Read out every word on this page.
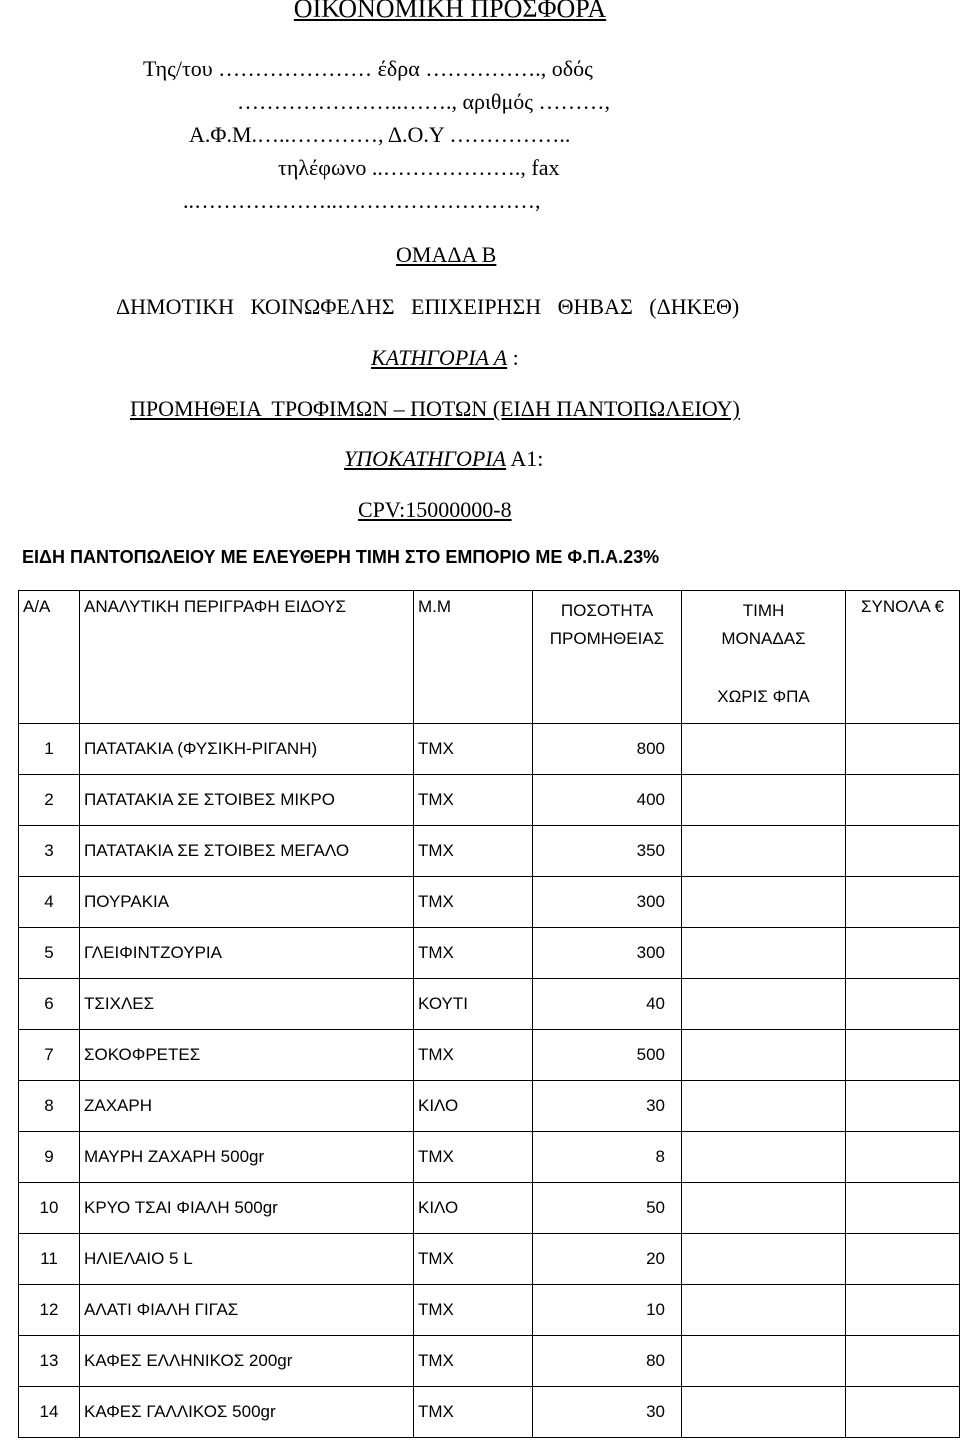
ΟΙΚΟΝΟΜΙΚΗ ΠΡΟΣΦΟΡΑ
Της/του ………………… έδρα ……………., οδός
…………………..……., αριθμός ………,
Α.Φ.Μ.…..…………, Δ.Ο.Υ ……………..
τηλέφωνο ..………………., fax
..………………..………………………,
ΟΜΑΔΑ Β
ΔΗΜΟΤΙΚΗ   ΚΟΙΝΩΦΕΛΗΣ   ΕΠΙΧΕΙΡΗΣΗ   ΘΗΒΑΣ   (ΔΗΚΕΘ)
ΚΑΤΗΓΟΡΙΑ Α :
ΠΡΟΜΗΘΕΙΑ  ΤΡΟΦΙΜΩΝ – ΠΟΤΩΝ (ΕΙΔΗ ΠΑΝΤΟΠΩΛΕΙΟΥ)
ΥΠΟΚΑΤΗΓΟΡΙΑ Α1:
CPV:15000000-8
ΕΙΔΗ ΠΑΝΤΟΠΩΛΕΙΟΥ ΜΕ ΕΛΕΥΘΕΡΗ ΤΙΜΗ ΣΤΟ ΕΜΠΟΡΙΟ ΜΕ Φ.Π.Α.23%
Α/Α	ΑΝΑΛΥΤΙΚΗ ΠΕΡΙΓΡΑΦΗ ΕΙΔΟΥΣ	Μ.Μ	ΠΟΣΟΤΗΤΑ
ΠΡΟΜΗΘΕΙΑΣ	ΤΙΜΗ
ΜΟΝΑΔΑΣ
ΧΩΡΙΣ ΦΠΑ	ΣΥΝΟΛΑ €

1	ΠΑΤΑΤΑΚΙΑ (ΦΥΣΙΚΗ-ΡΙΓΑΝΗ)	ΤΜΧ	800		
2	ΠΑΤΑΤΑΚΙΑ ΣΕ ΣΤΟΙΒΕΣ ΜΙΚΡΟ	ΤΜΧ	400		
3	ΠΑΤΑΤΑΚΙΑ ΣΕ ΣΤΟΙΒΕΣ ΜΕΓΑΛΟ	ΤΜΧ	350		
4	ΠΟΥΡΑΚΙΑ	ΤΜΧ	300		
5	ΓΛΕΙΦΙΝΤΖΟΥΡΙΑ	ΤΜΧ	300		
6	ΤΣΙΧΛΕΣ	ΚΟΥΤΙ	40		
7	ΣΟΚΟΦΡΕΤΕΣ	ΤΜΧ	500		
8	ΖΑΧΑΡΗ	ΚΙΛΟ	30		
9	ΜΑΥΡΗ ΖΑΧΑΡΗ 500gr	ΤΜΧ	8		
10	ΚΡΥΟ ΤΣΑΙ ΦΙΑΛΗ 500gr	ΚΙΛΟ	50		
11	ΗΛΙΕΛΑΙΟ 5 L	ΤΜΧ	20		
12	ΑΛΑΤΙ ΦΙΑΛΗ ΓΙΓΑΣ	ΤΜΧ	10		
13	ΚΑΦΕΣ ΕΛΛΗΝΙΚΟΣ 200gr	ΤΜΧ	80		
14	ΚΑΦΕΣ ΓΑΛΛΙΚΟΣ 500gr	ΤΜΧ	30		
